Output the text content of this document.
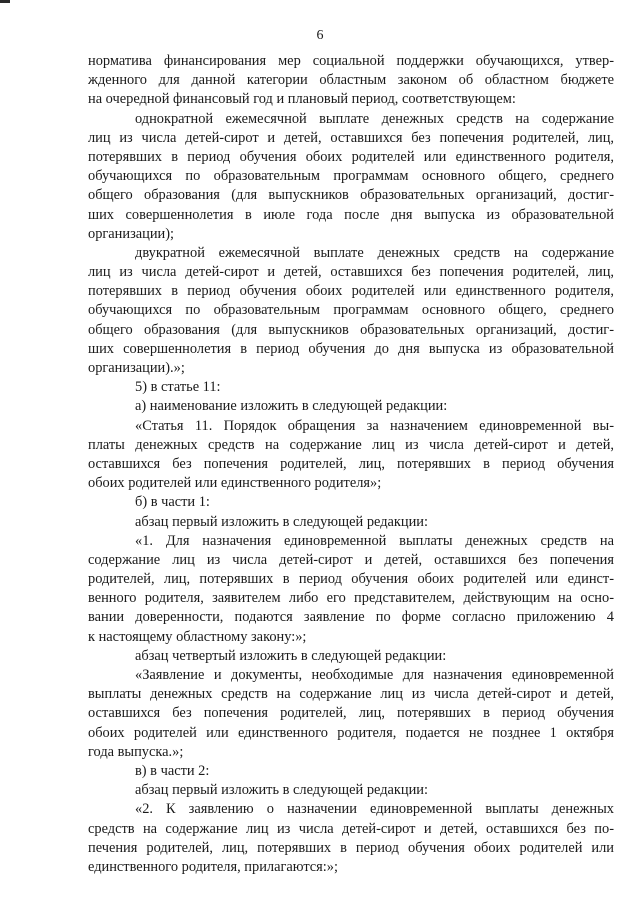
6
норматива финансирования мер социальной поддержки обучающихся, утвер-
жденного для данной категории областным законом об областном бюджете
на очередной финансовый год и плановый период, соответствующем:
однократной ежемесячной выплате денежных средств на содержание
лиц из числа детей-сирот и детей, оставшихся без попечения родителей, лиц,
потерявших в период обучения обоих родителей или единственного родителя,
обучающихся по образовательным программам основного общего, среднего
общего образования (для выпускников образовательных организаций, достиг-
ших совершеннолетия в июле года после дня выпуска из образовательной
организации);
двукратной ежемесячной выплате денежных средств на содержание
лиц из числа детей-сирот и детей, оставшихся без попечения родителей, лиц,
потерявших в период обучения обоих родителей или единственного родителя,
обучающихся по образовательным программам основного общего, среднего
общего образования (для выпускников образовательных организаций, достиг-
ших совершеннолетия в период обучения до дня выпуска из образовательной
организации).»;
5) в статье 11:
а) наименование изложить в следующей редакции:
«Статья 11. Порядок обращения за назначением единовременной вы-
платы денежных средств на содержание лиц из числа детей-сирот и детей,
оставшихся без попечения родителей, лиц, потерявших в период обучения
обоих родителей или единственного родителя»;
б) в части 1:
абзац первый изложить в следующей редакции:
«1. Для назначения единовременной выплаты денежных средств на
содержание лиц из числа детей-сирот и детей, оставшихся без попечения
родителей, лиц, потерявших в период обучения обоих родителей или единст-
венного родителя, заявителем либо его представителем, действующим на осно-
вании доверенности, подаются заявление по форме согласно приложению 4
к настоящему областному закону:»;
абзац четвертый изложить в следующей редакции:
«Заявление и документы, необходимые для назначения единовременной
выплаты денежных средств на содержание лиц из числа детей-сирот и детей,
оставшихся без попечения родителей, лиц, потерявших в период обучения
обоих родителей или единственного родителя, подается не позднее 1 октября
года выпуска.»;
в) в части 2:
абзац первый изложить в следующей редакции:
«2. К заявлению о назначении единовременной выплаты денежных
средств на содержание лиц из числа детей-сирот и детей, оставшихся без по-
печения родителей, лиц, потерявших в период обучения обоих родителей или
единственного родителя, прилагаются:»;
